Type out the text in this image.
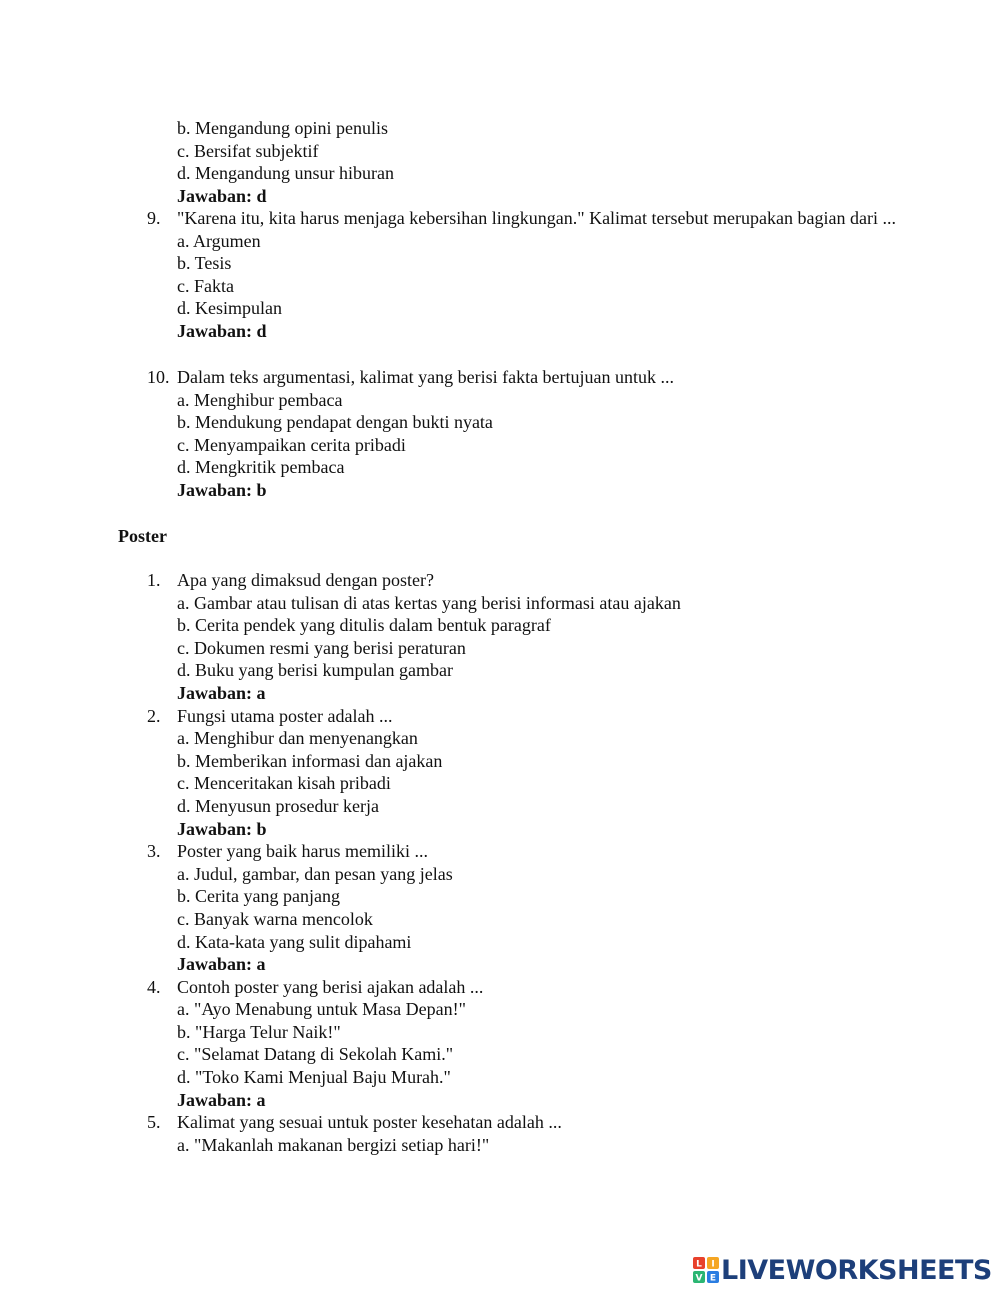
b. Mengandung opini penulis
c. Bersifat subjektif
d. Mengandung unsur hiburan
Jawaban: d
9. "Karena itu, kita harus menjaga kebersihan lingkungan." Kalimat tersebut merupakan bagian dari ...
a. Argumen
b. Tesis
c. Fakta
d. Kesimpulan
Jawaban: d
10. Dalam teks argumentasi, kalimat yang berisi fakta bertujuan untuk ...
a. Menghibur pembaca
b. Mendukung pendapat dengan bukti nyata
c. Menyampaikan cerita pribadi
d. Mengkritik pembaca
Jawaban: b
Poster
1. Apa yang dimaksud dengan poster?
a. Gambar atau tulisan di atas kertas yang berisi informasi atau ajakan
b. Cerita pendek yang ditulis dalam bentuk paragraf
c. Dokumen resmi yang berisi peraturan
d. Buku yang berisi kumpulan gambar
Jawaban: a
2. Fungsi utama poster adalah ...
a. Menghibur dan menyenangkan
b. Memberikan informasi dan ajakan
c. Menceritakan kisah pribadi
d. Menyusun prosedur kerja
Jawaban: b
3. Poster yang baik harus memiliki ...
a. Judul, gambar, dan pesan yang jelas
b. Cerita yang panjang
c. Banyak warna mencolok
d. Kata-kata yang sulit dipahami
Jawaban: a
4. Contoh poster yang berisi ajakan adalah ...
a. "Ayo Menabung untuk Masa Depan!"
b. "Harga Telur Naik!"
c. "Selamat Datang di Sekolah Kami."
d. "Toko Kami Menjual Baju Murah."
Jawaban: a
5. Kalimat yang sesuai untuk poster kesehatan adalah ...
a. "Makanlah makanan bergizi setiap hari!"
L I
V E LIVEWORKSHEETS
